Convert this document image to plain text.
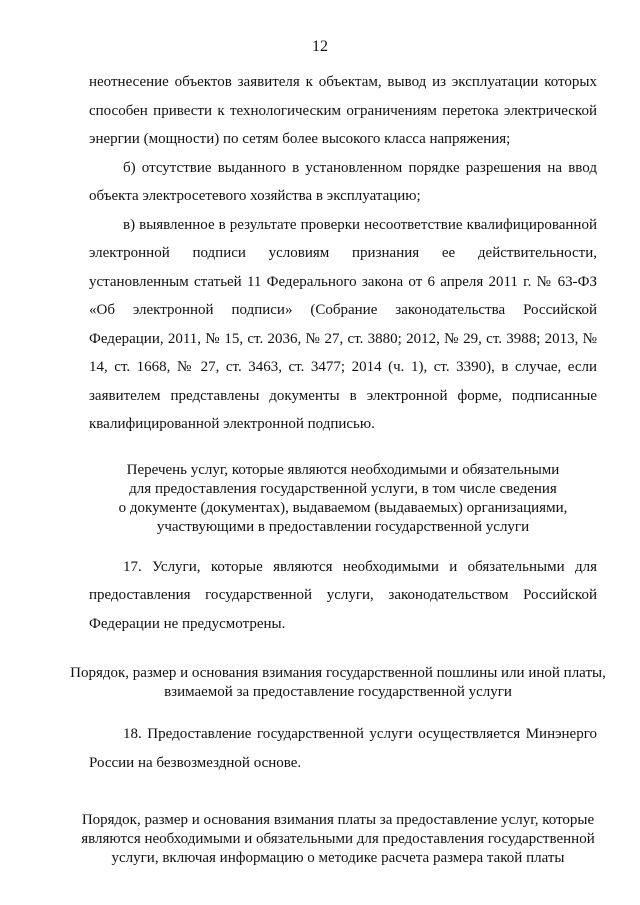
12

неотнесение объектов заявителя к объектам, вывод из эксплуатации которых способен привести к технологическим ограничениям перетока электрической энергии (мощности) по сетям более высокого класса напряжения;

б) отсутствие выданного в установленном порядке разрешения на ввод объекта электросетевого хозяйства в эксплуатацию;

в) выявленное в результате проверки несоответствие квалифицированной электронной подписи условиям признания ее действительности, установленным статьей 11 Федерального закона от 6 апреля 2011 г. № 63-ФЗ «Об электронной подписи» (Собрание законодательства Российской Федерации, 2011, № 15, ст. 2036, № 27, ст. 3880; 2012, № 29, ст. 3988; 2013, № 14, ст. 1668, № 27, ст. 3463, ст. 3477; 2014 (ч. 1), ст. 3390), в случае, если заявителем представлены документы в электронной форме, подписанные квалифицированной электронной подписью.

Перечень услуг, которые являются необходимыми и обязательными
для предоставления государственной услуги, в том числе сведения
о документе (документах), выдаваемом (выдаваемых) организациями,
участвующими в предоставлении государственной услуги

17. Услуги, которые являются необходимыми и обязательными для предоставления государственной услуги, законодательством Российской Федерации не предусмотрены.

Порядок, размер и основания взимания государственной пошлины или иной платы,
взимаемой за предоставление государственной услуги

18. Предоставление государственной услуги осуществляется Минэнерго России на безвозмездной основе.

Порядок, размер и основания взимания платы за предоставление услуг, которые
являются необходимыми и обязательными для предоставления государственной
услуги, включая информацию о методике расчета размера такой платы
